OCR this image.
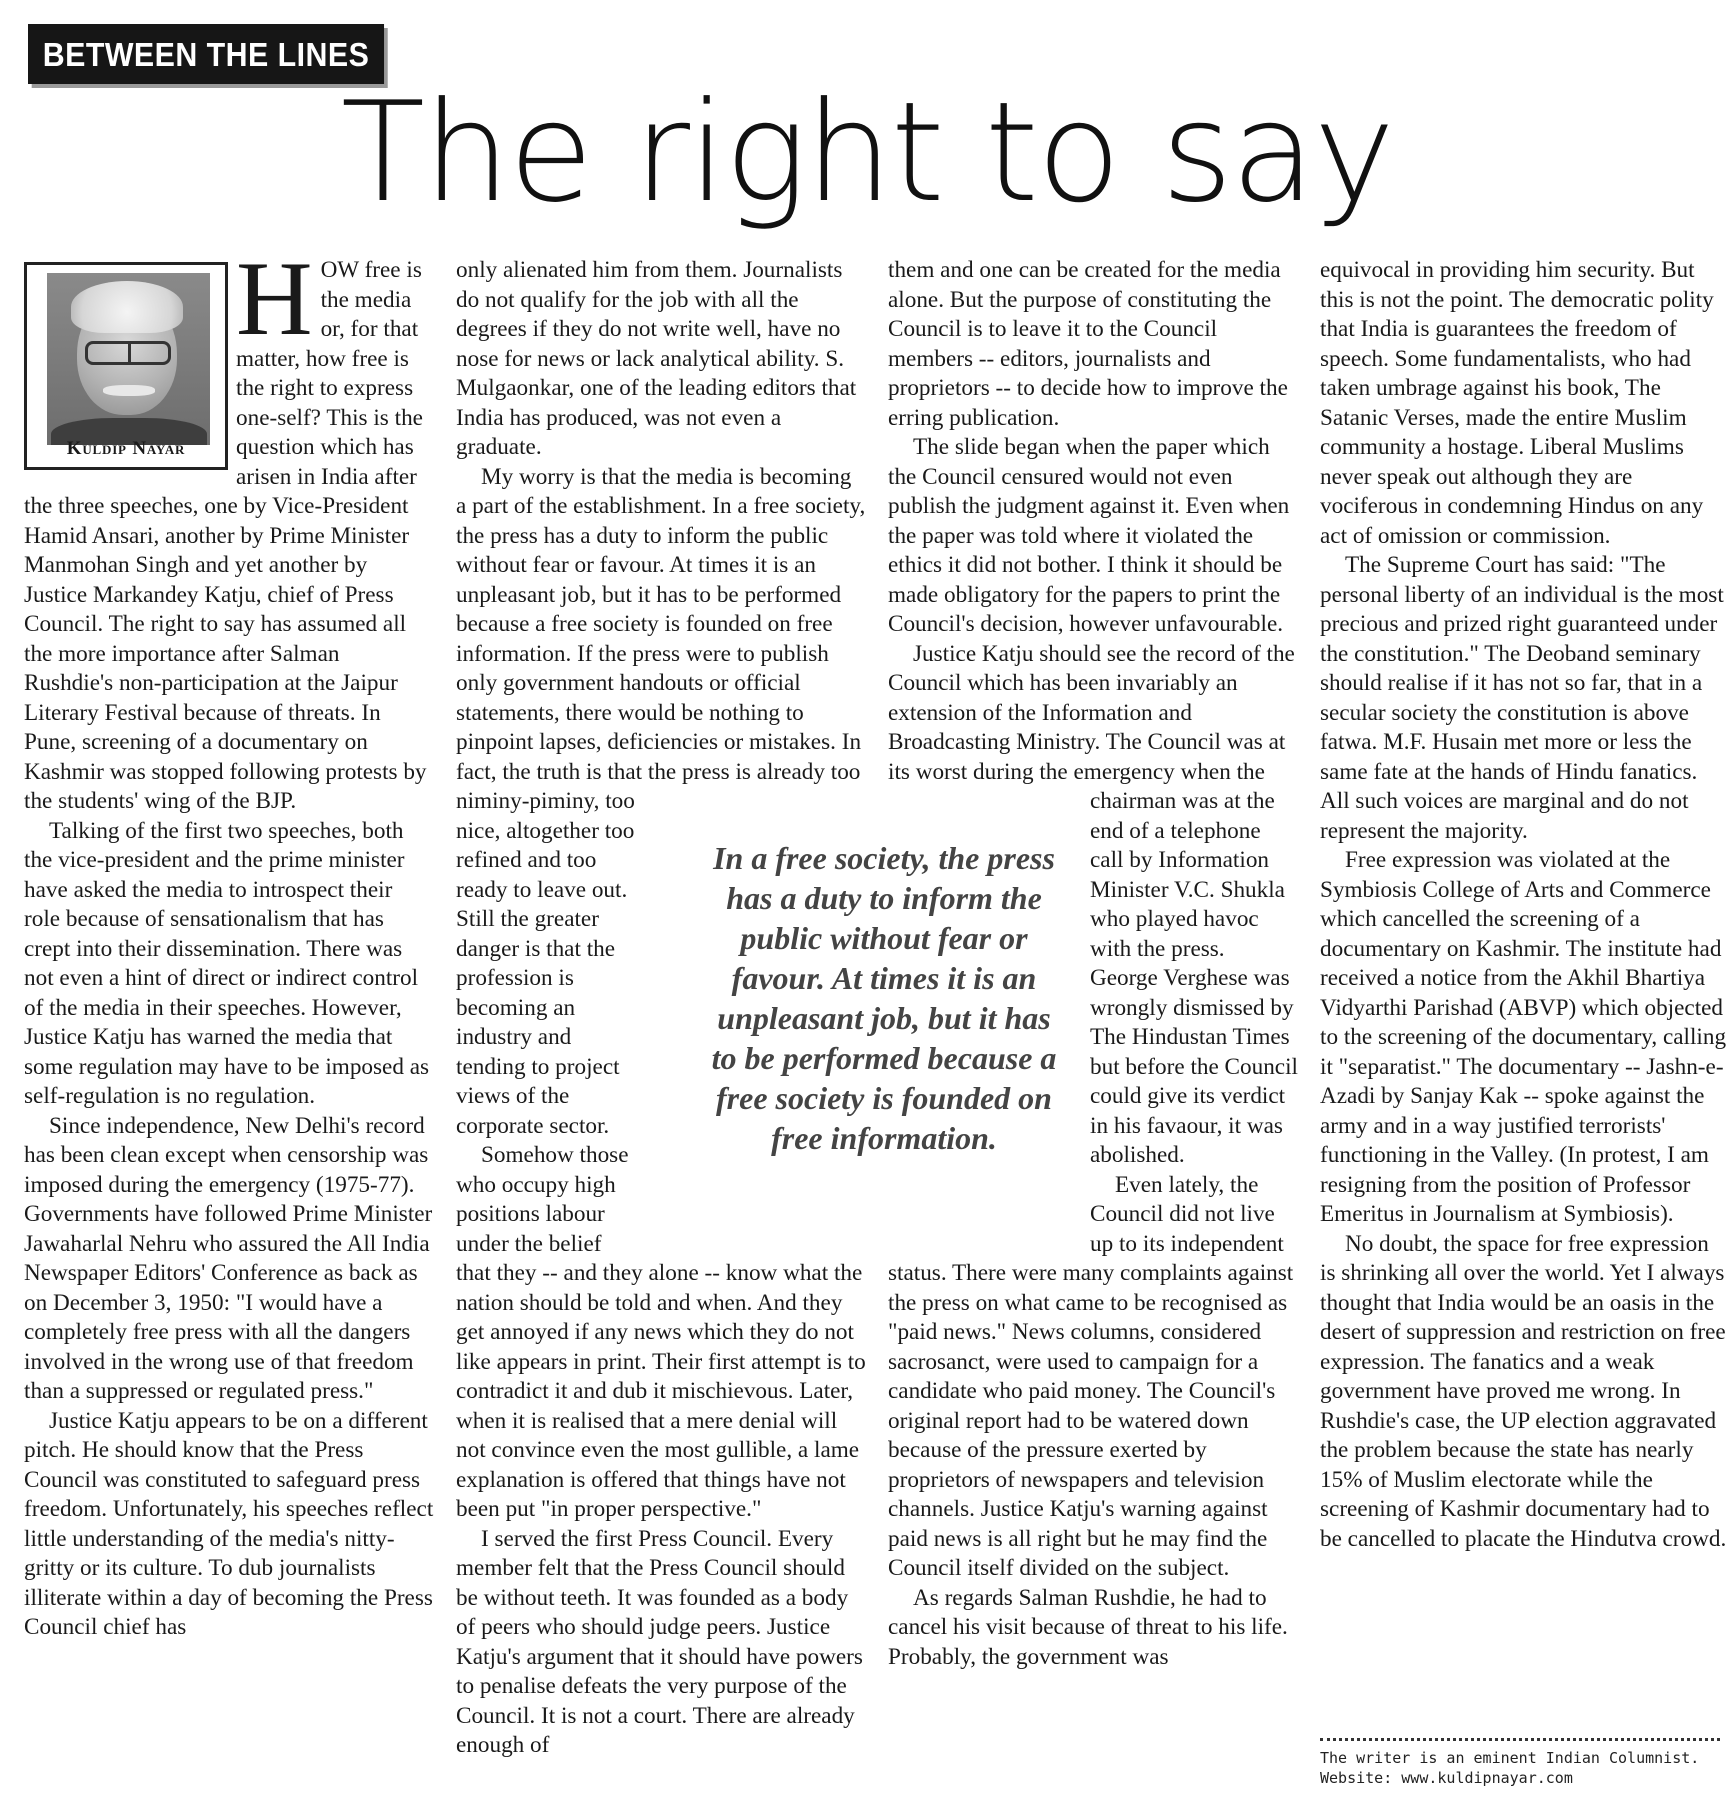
BETWEEN THE LINES
The right to say
Kuldip Nayar

HOW free is the media or, for that matter, how free is the right to express one-self? This is the question which has arisen in India after the three speeches, one by Vice-President Hamid Ansari, another by Prime Minister Manmohan Singh and yet another by Justice Markandey Katju, chief of Press Council. The right to say has assumed all the more importance after Salman Rushdie's non-participation at the Jaipur Literary Festival because of threats. In Pune, screening of a documentary on Kashmir was stopped following protests by the students' wing of the BJP.

Talking of the first two speeches, both the vice-president and the prime minister have asked the media to introspect their role because of sensationalism that has crept into their dissemination. There was not even a hint of direct or indirect control of the media in their speeches. However, Justice Katju has warned the media that some regulation may have to be imposed as self-regulation is no regulation.

Since independence, New Delhi's record has been clean except when censorship was imposed during the emergency (1975-77). Governments have followed Prime Minister Jawaharlal Nehru who assured the All India Newspaper Editors' Conference as back as on December 3, 1950: "I would have a completely free press with all the dangers involved in the wrong use of that freedom than a suppressed or regulated press."

Justice Katju appears to be on a different pitch. He should know that the Press Council was constituted to safeguard press freedom. Unfortunately, his speeches reflect little understanding of the media's nitty-gritty or its culture. To dub journalists illiterate within a day of becoming the Press Council chief has

only alienated him from them. Journalists do not qualify for the job with all the degrees if they do not write well, have no nose for news or lack analytical ability. S. Mulgaonkar, one of the leading editors that India has produced, was not even a graduate.

My worry is that the media is becoming a part of the establishment. In a free society, the press has a duty to inform the public without fear or favour. At times it is an unpleasant job, but it has to be performed because a free society is founded on free information. If the press were to publish only government handouts or official statements, there would be nothing to pinpoint lapses, deficiencies or mistakes. In fact, the truth is that the press is already too niminy-piminy, too nice, altogether too refined and too ready to leave out. Still the greater danger is that the profession is becoming an industry and tending to project views of the corporate sector.

Somehow those who occupy high positions labour under the belief that they -- and they alone -- know what the nation should be told and when. And they get annoyed if any news which they do not like appears in print. Their first attempt is to contradict it and dub it mischievous. Later, when it is realised that a mere denial will not convince even the most gullible, a lame explanation is offered that things have not been put "in proper perspective."

I served the first Press Council. Every member felt that the Press Council should be without teeth. It was founded as a body of peers who should judge peers. Justice Katju's argument that it should have powers to penalise defeats the very purpose of the Council. It is not a court. There are already enough of

them and one can be created for the media alone. But the purpose of constituting the Council is to leave it to the Council members -- editors, journalists and proprietors -- to decide how to improve the erring publication.

The slide began when the paper which the Council censured would not even publish the judgment against it. Even when the paper was told where it violated the ethics it did not bother. I think it should be made obligatory for the papers to print the Council's decision, however unfavourable.

Justice Katju should see the record of the Council which has been invariably an extension of the Information and Broadcasting Ministry. The Council was at its worst during the emergency when the chairman was at the end of a telephone call by Information Minister V.C. Shukla who played havoc with the press. George Verghese was wrongly dismissed by The Hindustan Times but before the Council could give its verdict in his favaour, it was abolished.

Even lately, the Council did not live up to its independent status. There were many complaints against the press on what came to be recognised as "paid news." News columns, considered sacrosanct, were used to campaign for a candidate who paid money. The Council's original report had to be watered down because of the pressure exerted by proprietors of newspapers and television channels. Justice Katju's warning against paid news is all right but he may find the Council itself divided on the subject.

As regards Salman Rushdie, he had to cancel his visit because of threat to his life. Probably, the government was

In a free society, the press has a duty to inform the public without fear or favour. At times it is an unpleasant job, but it has to be performed because a free society is founded on free information.

equivocal in providing him security. But this is not the point. The democratic polity that India is guarantees the freedom of speech. Some fundamentalists, who had taken umbrage against his book, The Satanic Verses, made the entire Muslim community a hostage. Liberal Muslims never speak out although they are vociferous in condemning Hindus on any act of omission or commission.

The Supreme Court has said: "The personal liberty of an individual is the most precious and prized right guaranteed under the constitution." The Deoband seminary should realise if it has not so far, that in a secular society the constitution is above fatwa. M.F. Husain met more or less the same fate at the hands of Hindu fanatics. All such voices are marginal and do not represent the majority.

Free expression was violated at the Symbiosis College of Arts and Commerce which cancelled the screening of a documentary on Kashmir. The institute had received a notice from the Akhil Bhartiya Vidyarthi Parishad (ABVP) which objected to the screening of the documentary, calling it "separatist." The documentary -- Jashn-e-Azadi by Sanjay Kak -- spoke against the army and in a way justified terrorists' functioning in the Valley. (In protest, I am resigning from the position of Professor Emeritus in Journalism at Symbiosis).

No doubt, the space for free expression is shrinking all over the world. Yet I always thought that India would be an oasis in the desert of suppression and restriction on free expression. The fanatics and a weak government have proved me wrong. In Rushdie's case, the UP election aggravated the problem because the state has nearly 15% of Muslim electorate while the screening of Kashmir documentary had to be cancelled to placate the Hindutva crowd.

The writer is an eminent Indian Columnist.
Website: www.kuldipnayar.com
